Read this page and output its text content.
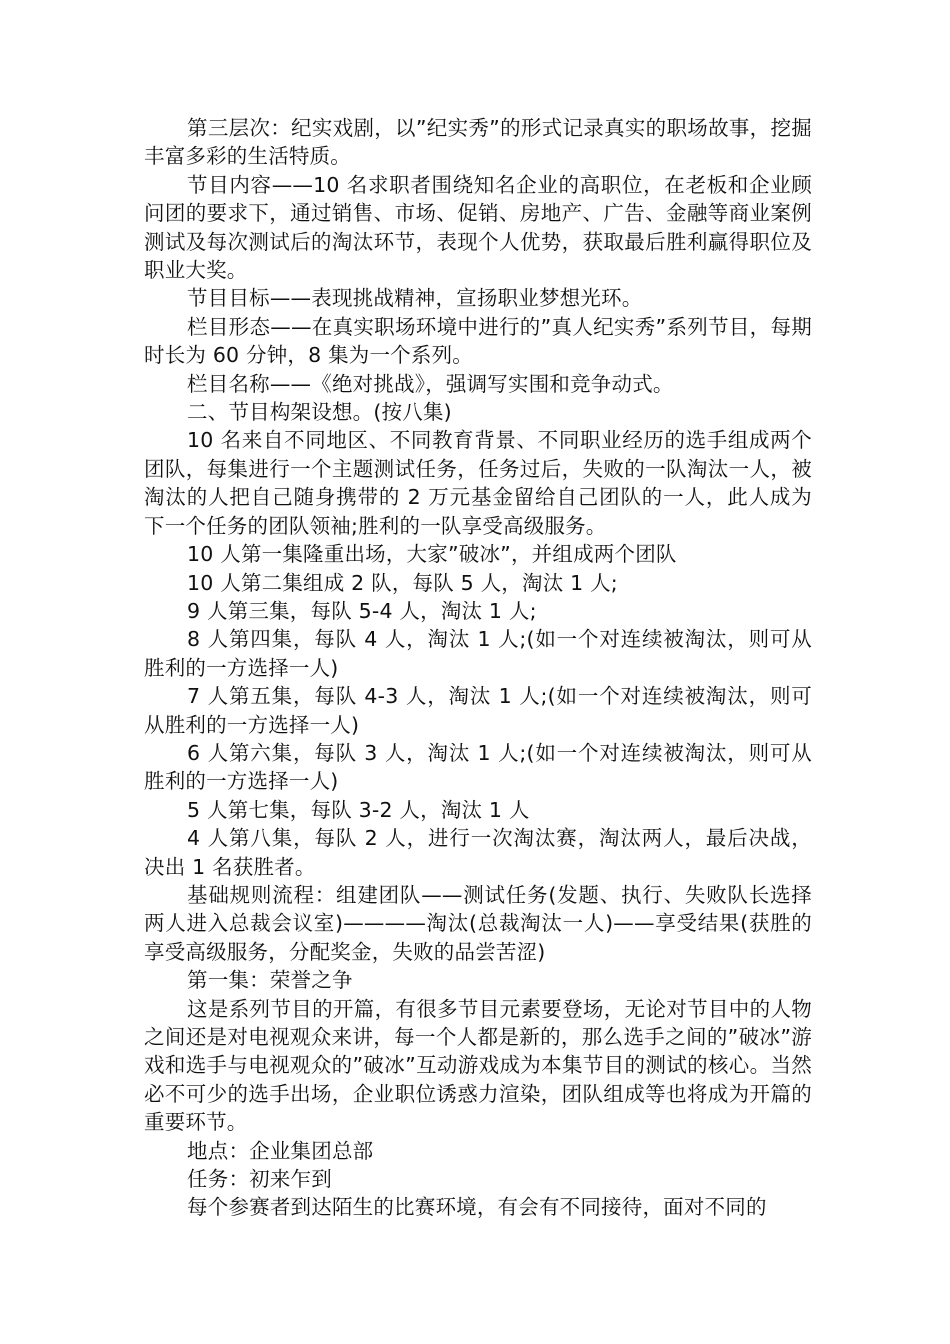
第三层次：纪实戏剧，以”纪实秀”的形式记录真实的职场故事，挖掘丰富多彩的生活特质。

节目内容——10 名求职者围绕知名企业的高职位，在老板和企业顾问团的要求下，通过销售、市场、促销、房地产、广告、金融等商业案例测试及每次测试后的淘汰环节，表现个人优势，获取最后胜利赢得职位及职业大奖。

节目目标——表现挑战精神，宣扬职业梦想光环。

栏目形态——在真实职场环境中进行的”真人纪实秀”系列节目，每期时长为 60 分钟，8 集为一个系列。

栏目名称——《绝对挑战》，强调写实围和竞争动式。

二、节目构架设想。(按八集)

10 名来自不同地区、不同教育背景、不同职业经历的选手组成两个团队，每集进行一个主题测试任务，任务过后，失败的一队淘汰一人，被淘汰的人把自己随身携带的 2 万元基金留给自己团队的一人，此人成为下一个任务的团队领袖;胜利的一队享受高级服务。

10 人第一集隆重出场，大家”破冰”，并组成两个团队

10 人第二集组成 2 队，每队 5 人，淘汰 1 人;

9 人第三集，每队 5-4 人，淘汰 1 人;

8 人第四集，每队 4 人，淘汰 1 人;(如一个对连续被淘汰，则可从胜利的一方选择一人)

7 人第五集，每队 4-3 人，淘汰 1 人;(如一个对连续被淘汰，则可从胜利的一方选择一人)

6 人第六集，每队 3 人，淘汰 1 人;(如一个对连续被淘汰，则可从胜利的一方选择一人)

5 人第七集，每队 3-2 人，淘汰 1 人

4 人第八集，每队 2 人，进行一次淘汰赛，淘汰两人，最后决战，决出 1 名获胜者。

基础规则流程：组建团队——测试任务(发题、执行、失败队长选择两人进入总裁会议室)————淘汰(总裁淘汰一人)——享受结果(获胜的享受高级服务，分配奖金，失败的品尝苦涩)

第一集：荣誉之争

这是系列节目的开篇，有很多节目元素要登场，无论对节目中的人物之间还是对电视观众来讲，每一个人都是新的，那么选手之间的”破冰”游戏和选手与电视观众的”破冰”互动游戏成为本集节目的测试的核心。当然必不可少的选手出场，企业职位诱惑力渲染，团队组成等也将成为开篇的重要环节。

地点：企业集团总部

任务：初来乍到

每个参赛者到达陌生的比赛环境，有会有不同接待，面对不同的
